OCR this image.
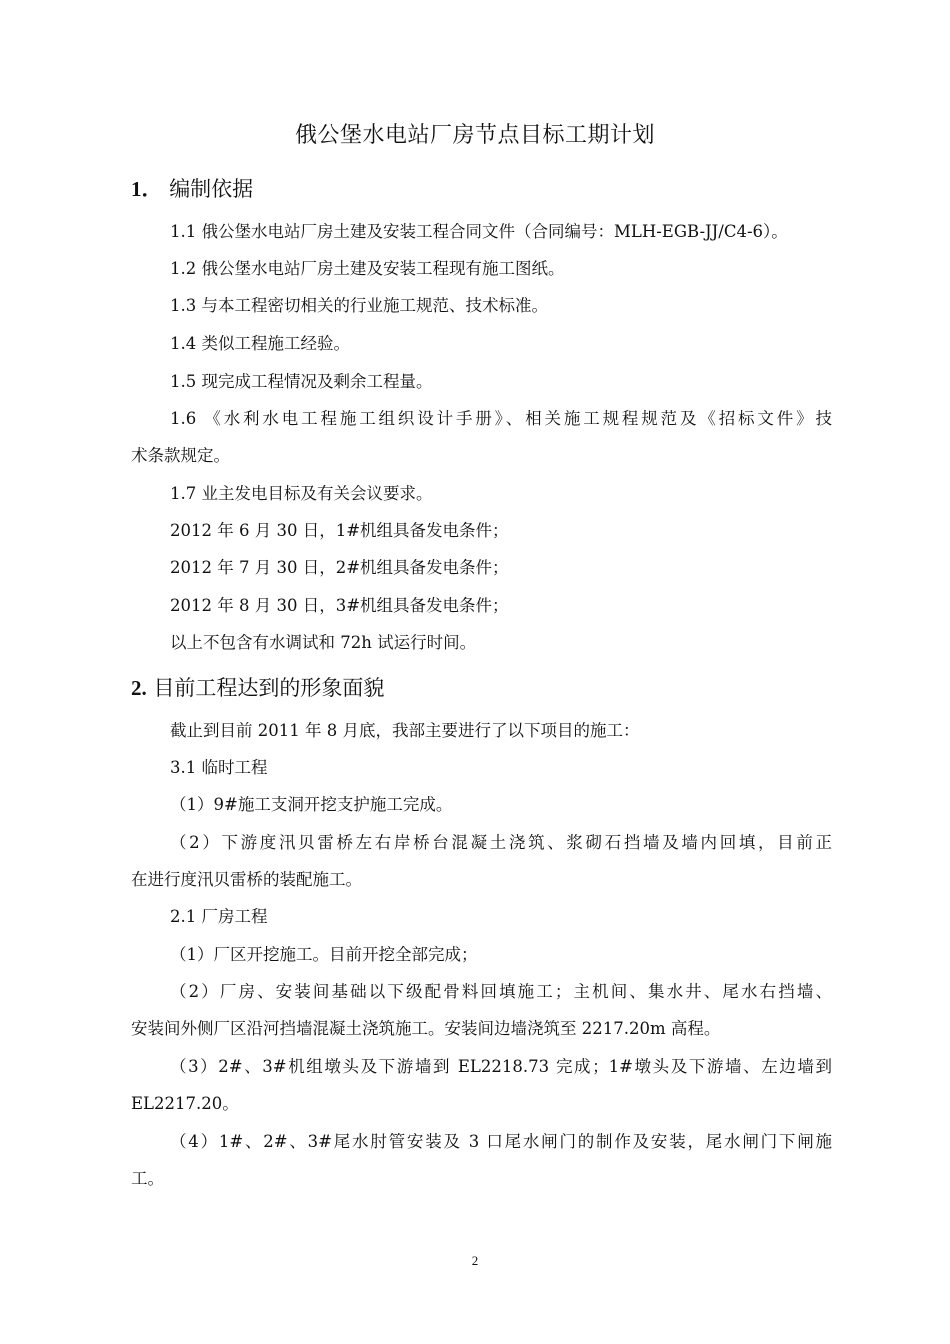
俄公堡水电站厂房节点目标工期计划
1． 编制依据
1.1 俄公堡水电站厂房土建及安装工程合同文件（合同编号：MLH-EGB-JJ/C4-6）。
1.2 俄公堡水电站厂房土建及安装工程现有施工图纸。
1.3 与本工程密切相关的行业施工规范、技术标准。
1.4 类似工程施工经验。
1.5 现完成工程情况及剩余工程量。
1.6 《水利水电工程施工组织设计手册》、相关施工规程规范及《招标文件》技
术条款规定。
1.7 业主发电目标及有关会议要求。
2012 年 6 月 30 日，1#机组具备发电条件；
2012 年 7 月 30 日，2#机组具备发电条件；
2012 年 8 月 30 日，3#机组具备发电条件；
以上不包含有水调试和 72h 试运行时间。
2. 目前工程达到的形象面貌
截止到目前 2011 年 8 月底，我部主要进行了以下项目的施工：
3.1 临时工程
（1）9#施工支洞开挖支护施工完成。
（2）下游度汛贝雷桥左右岸桥台混凝土浇筑、浆砌石挡墙及墙内回填，目前正
在进行度汛贝雷桥的装配施工。
2.1 厂房工程
（1）厂区开挖施工。目前开挖全部完成；
（2）厂房、安装间基础以下级配骨料回填施工；主机间、集水井、尾水右挡墙、
安装间外侧厂区沿河挡墙混凝土浇筑施工。安装间边墙浇筑至 2217.20m 高程。
（3）2#、3#机组墩头及下游墙到 EL2218.73 完成；1#墩头及下游墙、左边墙到
EL2217.20。
（4）1#、2#、3#尾水肘管安装及 3 口尾水闸门的制作及安装，尾水闸门下闸施
工。
2
